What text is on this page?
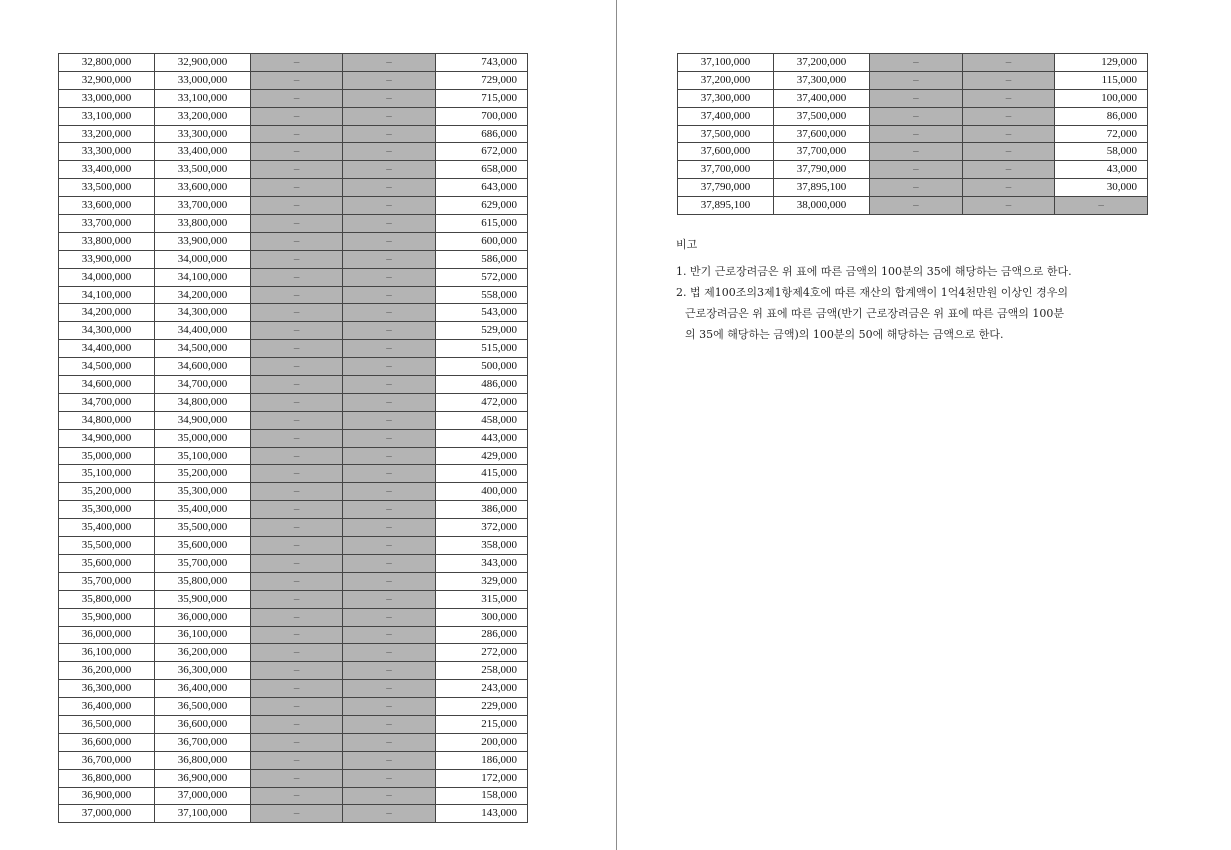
32,800,000	32,900,000	–	–	743,000
32,900,000	33,000,000	–	–	729,000
33,000,000	33,100,000	–	–	715,000
33,100,000	33,200,000	–	–	700,000
33,200,000	33,300,000	–	–	686,000
33,300,000	33,400,000	–	–	672,000
33,400,000	33,500,000	–	–	658,000
33,500,000	33,600,000	–	–	643,000
33,600,000	33,700,000	–	–	629,000
33,700,000	33,800,000	–	–	615,000
33,800,000	33,900,000	–	–	600,000
33,900,000	34,000,000	–	–	586,000
34,000,000	34,100,000	–	–	572,000
34,100,000	34,200,000	–	–	558,000
34,200,000	34,300,000	–	–	543,000
34,300,000	34,400,000	–	–	529,000
34,400,000	34,500,000	–	–	515,000
34,500,000	34,600,000	–	–	500,000
34,600,000	34,700,000	–	–	486,000
34,700,000	34,800,000	–	–	472,000
34,800,000	34,900,000	–	–	458,000
34,900,000	35,000,000	–	–	443,000
35,000,000	35,100,000	–	–	429,000
35,100,000	35,200,000	–	–	415,000
35,200,000	35,300,000	–	–	400,000
35,300,000	35,400,000	–	–	386,000
35,400,000	35,500,000	–	–	372,000
35,500,000	35,600,000	–	–	358,000
35,600,000	35,700,000	–	–	343,000
35,700,000	35,800,000	–	–	329,000
35,800,000	35,900,000	–	–	315,000
35,900,000	36,000,000	–	–	300,000
36,000,000	36,100,000	–	–	286,000
36,100,000	36,200,000	–	–	272,000
36,200,000	36,300,000	–	–	258,000
36,300,000	36,400,000	–	–	243,000
36,400,000	36,500,000	–	–	229,000
36,500,000	36,600,000	–	–	215,000
36,600,000	36,700,000	–	–	200,000
36,700,000	36,800,000	–	–	186,000
36,800,000	36,900,000	–	–	172,000
36,900,000	37,000,000	–	–	158,000
37,000,000	37,100,000	–	–	143,000
37,100,000	37,200,000	–	–	129,000
37,200,000	37,300,000	–	–	115,000
37,300,000	37,400,000	–	–	100,000
37,400,000	37,500,000	–	–	86,000
37,500,000	37,600,000	–	–	72,000
37,600,000	37,700,000	–	–	58,000
37,700,000	37,790,000	–	–	43,000
37,790,000	37,895,100	–	–	30,000
37,895,100	38,000,000	–	–	–
비고
1. 반기 근로장려금은 위 표에 따른 금액의 100분의 35에 해당하는 금액으로 한다.
2. 법 제100조의3제1항제4호에 따른 재산의 합계액이 1억4천만원 이상인 경우의
근로장려금은 위 표에 따른 금액(반기 근로장려금은 위 표에 따른 금액의 100분
의 35에 해당하는 금액)의 100분의 50에 해당하는 금액으로 한다.
